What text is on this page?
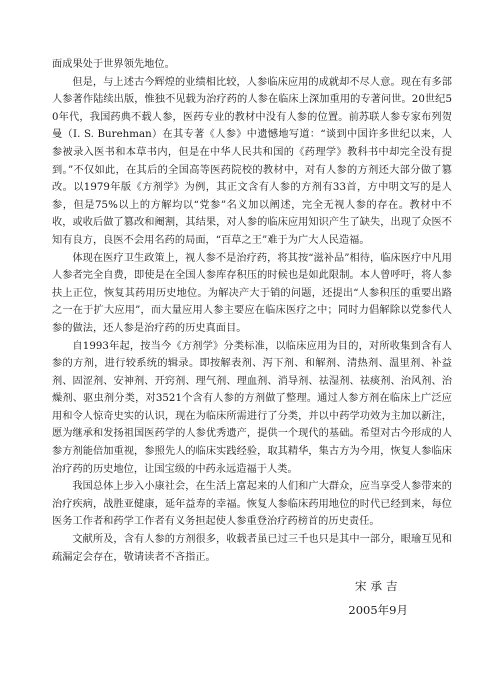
面成果处于世界领先地位。

但是，与上述古今辉煌的业绩相比较，人参临床应用的成就却不尽人意。现在有多部人参著作陆续出版，惟独不见载为治疗药的人参在临床上深加重用的专著问世。20世纪50年代，我国药典不载人参，医药专业的教材中没有人参的位置。前苏联人参专家布列贺曼（I. S. Burehman）在其专著《人参》中遗憾地写道：“谈到中国许多世纪以来，人参被录入医书和本草书内，但是在中华人民共和国的《药理学》教科书中却完全没有提到。”不仅如此，在其后的全国高等医药院校的教材中，对有人参的方剂还大部分做了篡改。以1979年版《方剂学》为例，其正文含有人参的方剂有33首，方中明文写的是人参，但是75%以上的方解均以“党参”名义加以阐述，完全无视人参的存在。教材中不收，或收后做了篡改和阉割，其结果，对人参的临床应用知识产生了缺失，出现了众医不知有良方，良医不会用名药的局面，“百草之王”难于为广大人民造福。

体现在医疗卫生政策上，视人参不是治疗药，将其按“滋补品”相待，临床医疗中凡用人参者完全自费，即使是在全国人参库存积压的时候也是如此限制。本人曾呼吁，将人参扶上正位，恢复其药用历史地位。为解决产大于销的问题，还提出“人参积压的重要出路之一在于扩大应用”，而大量应用人参主要应在临床医疗之中；同时力倡解除以党参代人参的做法，还人参是治疗药的历史真面目。

自1993年起，按当今《方剂学》分类标准，以临床应用为目的，对所收集到含有人参的方剂，进行较系统的辑录。即按解表剂、泻下剂、和解剂、清热剂、温里剂、补益剂、固涩剂、安神剂、开窍剂、理气剂、理血剂、消导剂、祛湿剂、祛痰剂、治风剂、治燥剂、驱虫剂分类，对3521个含有人参的方剂做了整理。通过人参方剂在临床上广泛应用和令人惊奇史实的认识，现在为临床所需进行了分类，并以中药学功效为主加以新注，愿为继承和发扬祖国医药学的人参优秀遗产，提供一个现代的基础。希望对古今形成的人参方剂能倍加重视，参照先人的临床实践经验，取其精华，集古方为今用，恢复人参临床治疗药的历史地位，让国宝级的中药永远造福于人类。

我国总体上步入小康社会，在生活上富起来的人们和广大群众，应当享受人参带来的治疗疾病，战胜亚健康，延年益寿的幸福。恢复人参临床药用地位的时代已经到来，每位医务工作者和药学工作者有义务担起使人参重登治疗药榜首的历史责任。

文献所及，含有人参的方剂很多，收载者虽已过三千也只是其中一部分，眼瑜互见和疏漏定会存在，敬请读者不吝指正。

宋承吉
2005年9月
